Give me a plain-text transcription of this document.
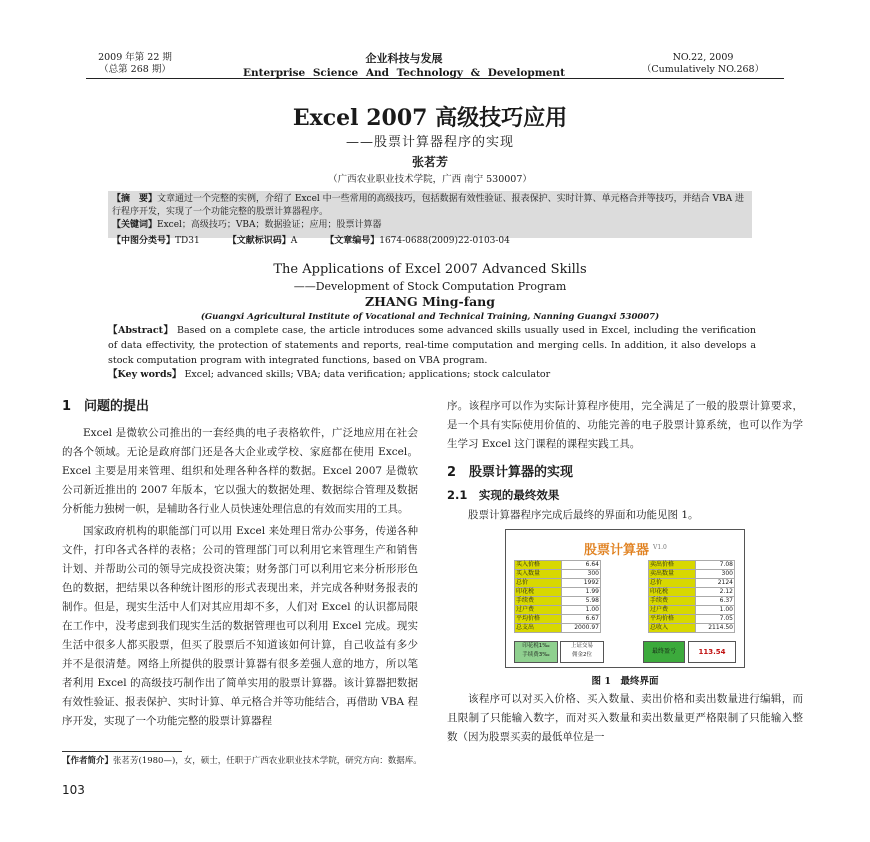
2009 年第 22 期
（总第 268 期）
企业科技与发展
Enterprise Science And Technology & Development
NO.22, 2009
（Cumulatively NO.268）
Excel 2007 高级技巧应用
——股票计算器程序的实现
张茗芳
（广西农业职业技术学院，广西 南宁 530007）
【摘　要】文章通过一个完整的实例，介绍了 Excel 中一些常用的高级技巧，包括数据有效性验证、报表保护、实时计算、单元格合并等技巧，并结合 VBA 进行程序开发，实现了一个功能完整的股票计算器程序。
【关键词】Excel；高级技巧；VBA；数据验证；应用；股票计算器
【中图分类号】TD31	【文献标识码】A	【文章编号】1674-0688(2009)22-0103-04
The Applications of Excel 2007 Advanced Skills
——Development of Stock Computation Program
ZHANG Ming-fang
(Guangxi Agricultural Institute of Vocational and Technical Training, Nanning Guangxi 530007)
【Abstract】 Based on a complete case, the article introduces some advanced skills usually used in Excel, including the verification of data effectivity, the protection of statements and reports, real-time computation and merging cells. In addition, it also develops a stock computation program with integrated functions, based on VBA program.
【Key words】 Excel; advanced skills; VBA; data verification; applications; stock calculator
1　问题的提出

Excel 是微软公司推出的一套经典的电子表格软件，广泛地应用在社会的各个领域。无论是政府部门还是各大企业或学校、家庭都在使用 Excel。Excel 主要是用来管理、组织和处理各种各样的数据。Excel 2007 是微软公司新近推出的 2007 年版本，它以强大的数据处理、数据综合管理及数据分析能力独树一帜，是辅助各行业人员快速处理信息的有效而实用的工具。

国家政府机构的职能部门可以用 Excel 来处理日常办公事务，传递各种文件，打印各式各样的表格；公司的管理部门可以利用它来管理生产和销售计划、并帮助公司的领导完成投资决策；财务部门可以利用它来分析形形色色的数据，把结果以各种统计图形的形式表现出来，并完成各种财务报表的制作。但是，现实生活中人们对其应用却不多，人们对 Excel 的认识都局限在工作中，没考虑到我们现实生活的数据管理也可以利用 Excel 完成。现实生活中很多人都买股票，但买了股票后不知道该如何计算，自己收益有多少并不是很清楚。网络上所提供的股票计算器有很多差强人意的地方，所以笔者利用 Excel 的高级技巧制作出了简单实用的股票计算器。该计算器把数据有效性验证、报表保护、实时计算、单元格合并等功能结合，再借助 VBA 程序开发，实现了一个功能完整的股票计算器程

序。该程序可以作为实际计算程序使用，完全满足了一般的股票计算要求，是一个具有实际使用价值的、功能完善的电子股票计算系统，也可以作为学生学习 Excel 这门课程的课程实践工具。

2　股票计算器的实现
2.1　实现的最终效果

股票计算器程序完成后最终的界面和功能见图 1。

股票计算器 V1.0
买入价格	6.64
买入数量	300
总价	1992
印花税	1.99
手续费	5.98
过户费	1.00
平均价格	6.67
总支出	2000.97
卖出价格	7.08
卖出数量	300
总价	2124
印花税	2.12
手续费	6.37
过户费	1.00
平均价格	7.05
总收入	2114.50
印花税1‰
手续费3‰
上证交易
佣金2位	最终盈亏	113.54
图 1　最终界面

该程序可以对买入价格、买入数量、卖出价格和卖出数量进行编辑，而且限制了只能输入数字，而对买入数量和卖出数量更严格限制了只能输入整数（因为股票买卖的最低单位是一

【作者简介】张茗芳(1980—)，女，硕士，任职于广西农业职业技术学院，研究方向：数据库。
103
